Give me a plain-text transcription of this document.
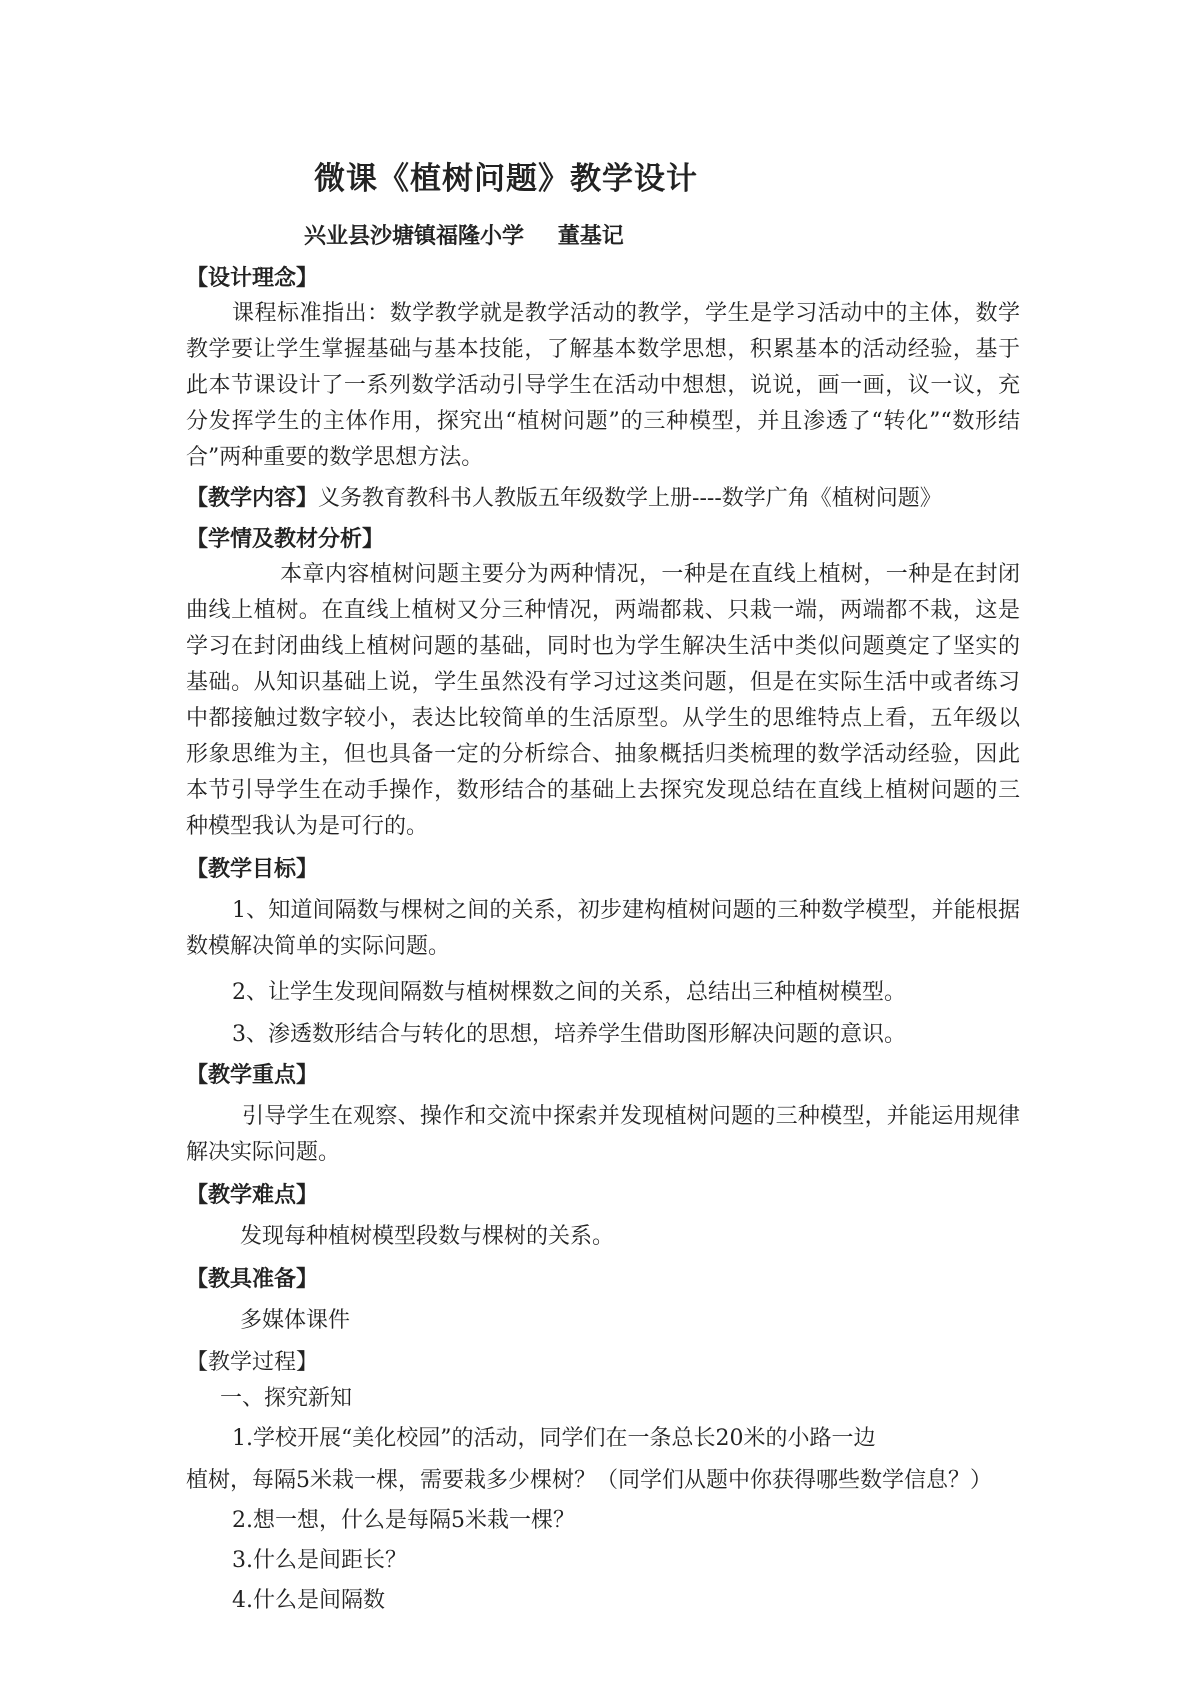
微课《植树问题》教学设计
兴业县沙塘镇福隆小学 董基记
【设计理念】

课程标准指出：数学教学就是教学活动的教学，学生是学习活动中的主体，数学教学要让学生掌握基础与基本技能，了解基本数学思想，积累基本的活动经验，基于此本节课设计了一系列数学活动引导学生在活动中想想，说说，画一画，议一议，充分发挥学生的主体作用，探究出“植树问题”的三种模型，并且渗透了“转化”“数形结合”两种重要的数学思想方法。

【教学内容】义务教育教科书人教版五年级数学上册----数学广角《植树问题》
【学情及教材分析】

本章内容植树问题主要分为两种情况，一种是在直线上植树，一种是在封闭曲线上植树。在直线上植树又分三种情况，两端都栽、只栽一端，两端都不栽，这是学习在封闭曲线上植树问题的基础，同时也为学生解决生活中类似问题奠定了坚实的基础。从知识基础上说，学生虽然没有学习过这类问题，但是在实际生活中或者练习中都接触过数字较小，表达比较简单的生活原型。从学生的思维特点上看，五年级以形象思维为主，但也具备一定的分析综合、抽象概括归类梳理的数学活动经验，因此本节引导学生在动手操作，数形结合的基础上去探究发现总结在直线上植树问题的三种模型我认为是可行的。

【教学目标】

1、知道间隔数与棵树之间的关系，初步建构植树问题的三种数学模型，并能根据数模解决简单的实际问题。

2、让学生发现间隔数与植树棵数之间的关系，总结出三种植树模型。

3、渗透数形结合与转化的思想，培养学生借助图形解决问题的意识。

【教学重点】

引导学生在观察、操作和交流中探索并发现植树问题的三种模型，并能运用规律解决实际问题。

【教学难点】

发现每种植树模型段数与棵树的关系。

【教具准备】

多媒体课件

【教学过程】

一、探究新知

1.学校开展“美化校园”的活动，同学们在一条总长20米的小路一边

植树，每隔5米栽一棵，需要栽多少棵树？（同学们从题中你获得哪些数学信息？）

2.想一想，什么是每隔5米栽一棵？

3.什么是间距长？

4.什么是间隔数
